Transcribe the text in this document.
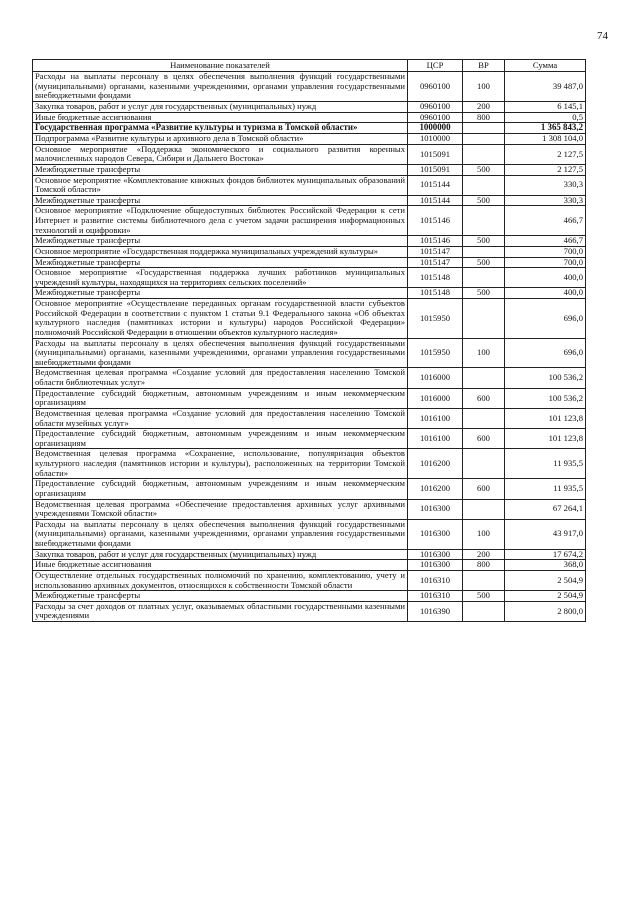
74
Наименование показателей	ЦСР	ВР	Сумма
Расходы на выплаты персоналу в целях обеспечения выполнения функций государственными (муниципальными) органами, казенными учреждениями, органами управления государственными внебюджетными фондами	0960100	100	39 487,0
Закупка товаров, работ и услуг для государственных (муниципальных) нужд	0960100	200	6 145,1
Иные бюджетные ассигнования	0960100	800	0,5
Государственная программа «Развитие культуры и туризма в Томской области»	1000000		1 365 843,2
Подпрограмма «Развитие культуры и архивного дела в Томской области»	1010000		1 308 104,0
Основное мероприятие «Поддержка экономического и социального развития коренных малочисленных народов Севера, Сибири и Дальнего Востока»	1015091		2 127,5
Межбюджетные трансферты	1015091	500	2 127,5
Основное мероприятие «Комплектование книжных фондов библиотек муниципальных образований Томской области»	1015144		330,3
Межбюджетные трансферты	1015144	500	330,3
Основное мероприятие «Подключение общедоступных библиотек Российской Федерации к сети Интернет и развитие системы библиотечного дела с учетом задачи расширения информационных технологий и оцифровки»	1015146		466,7
Межбюджетные трансферты	1015146	500	466,7
Основное мероприятие «Государственная поддержка муниципальных учреждений культуры»	1015147		700,0
Межбюджетные трансферты	1015147	500	700,0
Основное мероприятие «Государственная поддержка лучших работников муниципальных учреждений культуры, находящихся на территориях сельских поселений»	1015148		400,0
Межбюджетные трансферты	1015148	500	400,0
Основное мероприятие «Осуществление переданных органам государственной власти субъектов Российской Федерации в соответствии с пунктом 1 статьи 9.1 Федерального закона «Об объектах культурного наследия (памятниках истории и культуры) народов Российской Федерации» полномочий Российской Федерации в отношении объектов культурного наследия»	1015950		696,0
Расходы на выплаты персоналу в целях обеспечения выполнения функций государственными (муниципальными) органами, казенными учреждениями, органами управления государственными внебюджетными фондами	1015950	100	696,0
Ведомственная целевая программа «Создание условий для предоставления населению Томской области библиотечных услуг»	1016000		100 536,2
Предоставление субсидий бюджетным, автономным учреждениям и иным некоммерческим организациям	1016000	600	100 536,2
Ведомственная целевая программа «Создание условий для предоставления населению Томской области музейных услуг»	1016100		101 123,8
Предоставление субсидий бюджетным, автономным учреждениям и иным некоммерческим организациям	1016100	600	101 123,8
Ведомственная целевая программа «Сохранение, использование, популяризация объектов культурного наследия (памятников истории и культуры), расположенных на территории Томской области»	1016200		11 935,5
Предоставление субсидий бюджетным, автономным учреждениям и иным некоммерческим организациям	1016200	600	11 935,5
Ведомственная целевая программа «Обеспечение предоставления архивных услуг архивными учреждениями Томской области»	1016300		67 264,1
Расходы на выплаты персоналу в целях обеспечения выполнения функций государственными (муниципальными) органами, казенными учреждениями, органами управления государственными внебюджетными фондами	1016300	100	43 917,0
Закупка товаров, работ и услуг для государственных (муниципальных) нужд	1016300	200	17 674,2
Иные бюджетные ассигнования	1016300	800	368,0
Осуществление отдельных государственных полномочий по хранению, комплектованию, учету и использованию архивных документов, относящихся к собственности Томской области	1016310		2 504,9
Межбюджетные трансферты	1016310	500	2 504,9
Расходы за счет доходов от платных услуг, оказываемых областными государственными казенными учреждениями	1016390		2 800,0
